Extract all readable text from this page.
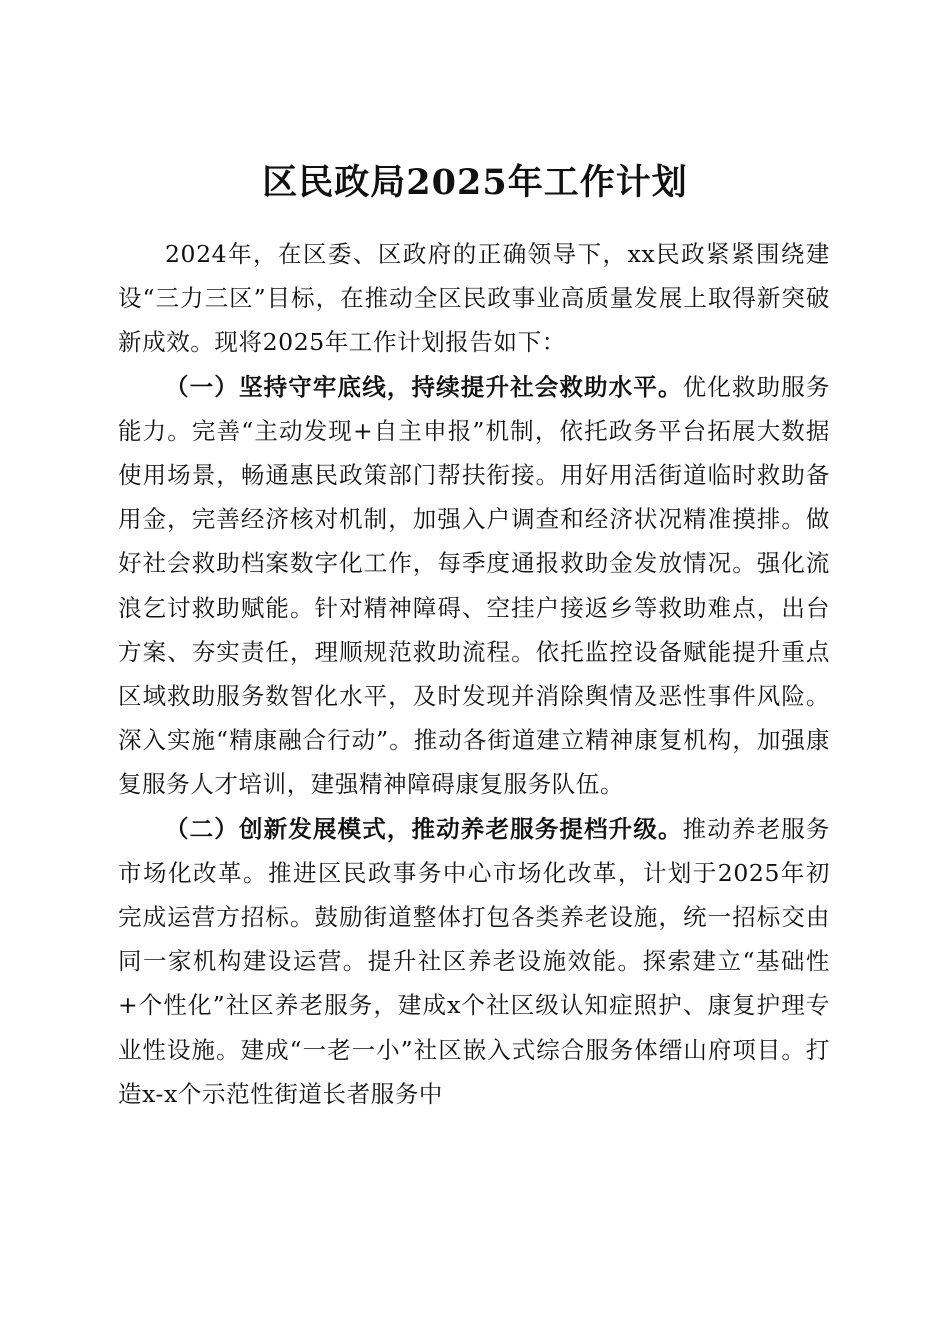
区民政局2025年工作计划

2024年，在区委、区政府的正确领导下，xx民政紧紧围绕建设“三力三区”目标，在推动全区民政事业高质量发展上取得新突破新成效。现将2025年工作计划报告如下：

（一）坚持守牢底线，持续提升社会救助水平。优化救助服务能力。完善“主动发现+自主申报”机制，依托政务平台拓展大数据使用场景，畅通惠民政策部门帮扶衔接。用好用活街道临时救助备用金，完善经济核对机制，加强入户调查和经济状况精准摸排。做好社会救助档案数字化工作，每季度通报救助金发放情况。强化流浪乞讨救助赋能。针对精神障碍、空挂户接返乡等救助难点，出台方案、夯实责任，理顺规范救助流程。依托监控设备赋能提升重点区域救助服务数智化水平，及时发现并消除舆情及恶性事件风险。深入实施“精康融合行动”。推动各街道建立精神康复机构，加强康复服务人才培训，建强精神障碍康复服务队伍。

（二）创新发展模式，推动养老服务提档升级。推动养老服务市场化改革。推进区民政事务中心市场化改革，计划于2025年初完成运营方招标。鼓励街道整体打包各类养老设施，统一招标交由同一家机构建设运营。提升社区养老设施效能。探索建立“基础性+个性化”社区养老服务，建成x个社区级认知症照护、康复护理专业性设施。建成“一老一小”社区嵌入式综合服务体缙山府项目。打造x-x个示范性街道长者服务中
